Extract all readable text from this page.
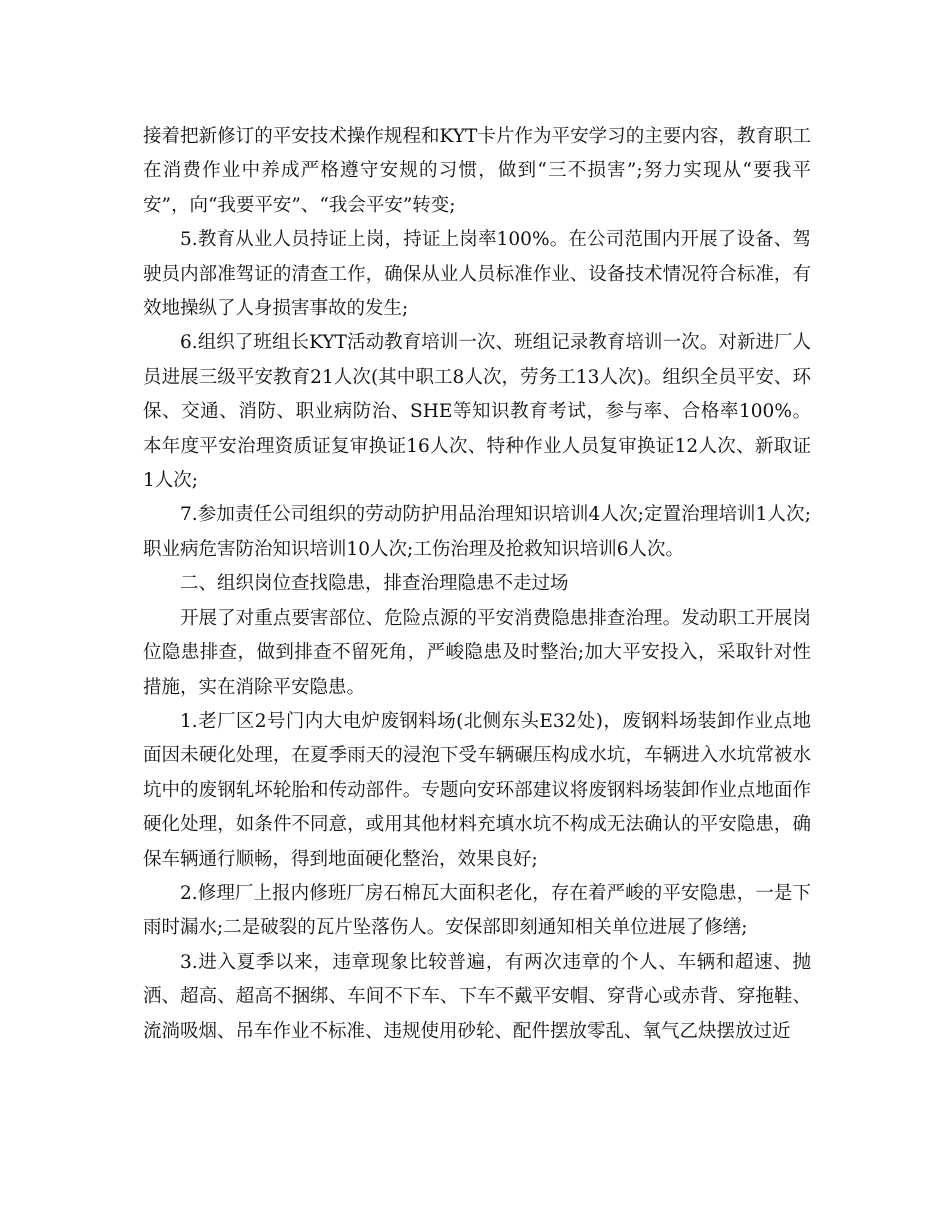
接着把新修订的平安技术操作规程和KYT卡片作为平安学习的主要内容，教育职工在消费作业中养成严格遵守安规的习惯，做到“三不损害”;努力实现从“要我平安”，向“我要平安”、“我会平安”转变;

5.教育从业人员持证上岗，持证上岗率100%。在公司范围内开展了设备、驾驶员内部准驾证的清查工作，确保从业人员标准作业、设备技术情况符合标准，有效地操纵了人身损害事故的发生;

6.组织了班组长KYT活动教育培训一次、班组记录教育培训一次。对新进厂人员进展三级平安教育21人次(其中职工8人次，劳务工13人次)。组织全员平安、环保、交通、消防、职业病防治、SHE等知识教育考试，参与率、合格率100%。本年度平安治理资质证复审换证16人次、特种作业人员复审换证12人次、新取证1人次;

7.参加责任公司组织的劳动防护用品治理知识培训4人次;定置治理培训1人次;职业病危害防治知识培训10人次;工伤治理及抢救知识培训6人次。

二、组织岗位查找隐患，排查治理隐患不走过场

开展了对重点要害部位、危险点源的平安消费隐患排查治理。发动职工开展岗位隐患排查，做到排查不留死角，严峻隐患及时整治;加大平安投入，采取针对性措施，实在消除平安隐患。

1.老厂区2号门内大电炉废钢料场(北侧东头E32处)，废钢料场装卸作业点地面因未硬化处理，在夏季雨天的浸泡下受车辆碾压构成水坑，车辆进入水坑常被水坑中的废钢轧坏轮胎和传动部件。专题向安环部建议将废钢料场装卸作业点地面作硬化处理，如条件不同意，或用其他材料充填水坑不构成无法确认的平安隐患，确保车辆通行顺畅，得到地面硬化整治，效果良好;

2.修理厂上报内修班厂房石棉瓦大面积老化，存在着严峻的平安隐患，一是下雨时漏水;二是破裂的瓦片坠落伤人。安保部即刻通知相关单位进展了修缮;

3.进入夏季以来，违章现象比较普遍，有两次违章的个人、车辆和超速、抛洒、超高、超高不捆绑、车间不下车、下车不戴平安帽、穿背心或赤背、穿拖鞋、流淌吸烟、吊车作业不标准、违规使用砂轮、配件摆放零乱、氧气乙炔摆放过近
